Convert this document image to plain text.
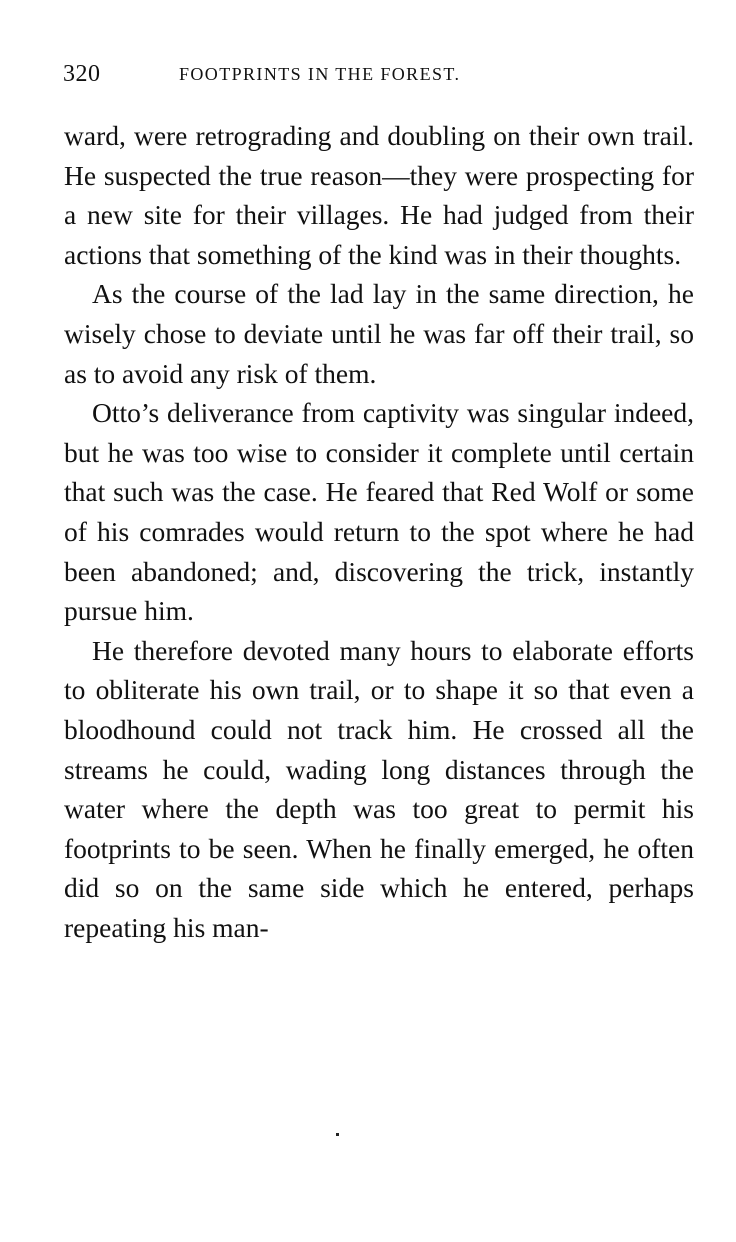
320	FOOTPRINTS IN THE FOREST.

ward, were retrograding and doubling on their own trail. He suspected the true reason—they were prospecting for a new site for their villages. He had judged from their actions that something of the kind was in their thoughts.

As the course of the lad lay in the same direction, he wisely chose to deviate until he was far off their trail, so as to avoid any risk of them.

Otto’s deliverance from captivity was singular indeed, but he was too wise to consider it complete until certain that such was the case. He feared that Red Wolf or some of his comrades would return to the spot where he had been abandoned; and, discovering the trick, instantly pursue him.

He therefore devoted many hours to elaborate efforts to obliterate his own trail, or to shape it so that even a bloodhound could not track him. He crossed all the streams he could, wading long distances through the water where the depth was too great to permit his footprints to be seen. When he finally emerged, he often did so on the same side which he entered, perhaps repeating his man-
